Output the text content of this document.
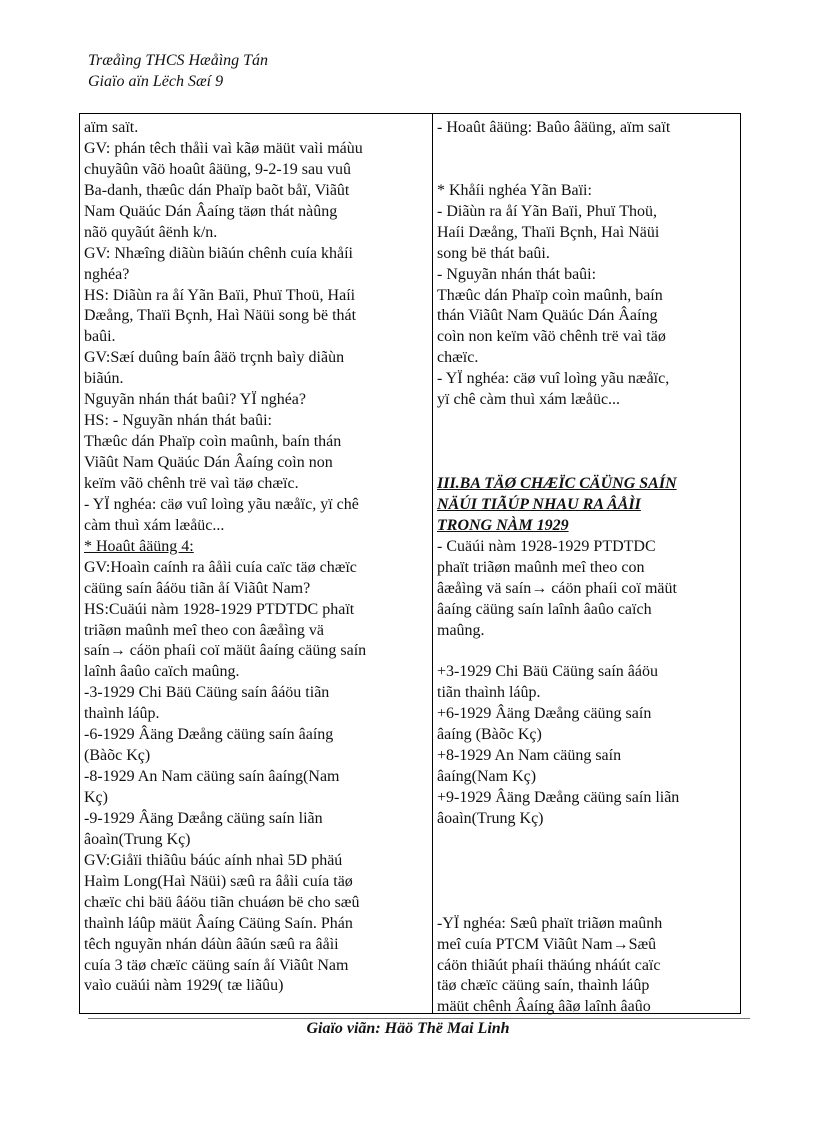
Træåìng THCS Hæåìng Tán
Giaïo aïn Lëch Sæí 9
aïm saït.
GV: phán têch thåìi vaì kãø mäüt vaìi máùu
chuyãûn vãö hoaût âäüng, 9-2-19 sau vuû
Ba-danh, thæûc dán Phaïp baõt båï, Viãût
Nam Quäúc Dán Âaíng täøn thát nàûng
nãö quyãút âënh k/n.
GV: Nhæîng diãùn biãún chênh cuía khåíi
nghéa?
HS: Diãùn ra åí Yãn Baïi, Phuï Thoü, Haíi
Dæång, Thaïi Bçnh, Haì Näüi song bë thát
baûi.
GV:Sæí duûng baín âäö trçnh baìy diãùn
biãún.
Nguyãn nhán thát baûi? YÏ nghéa?
HS: - Nguyãn nhán thát baûi:
Thæûc dán Phaïp coìn maûnh, baín thán
Viãût Nam Quäúc Dán Âaíng coìn non
keïm vãö chênh trë vaì täø chæïc.
- YÏ nghéa: cäø vuî loìng yãu næåïc, yï chê
càm thuì xám læåüc...
* Hoaût âäüng 4:
GV:Hoaìn caính ra âåìi cuía caïc täø chæïc
cäüng saín âáöu tiãn åí Viãût Nam?
HS:Cuäúi nàm 1928-1929 PTDTDC phaït
triãøn maûnh meî theo con âæåìng vä
saín→ cáön phaíi coï mäüt âaíng cäüng saín
laînh âaûo caïch maûng.
-3-1929 Chi Bäü Cäüng saín âáöu tiãn
thaình láûp.
-6-1929 Âäng Dæång cäüng saín âaíng
(Bàõc Kç)
-8-1929 An Nam cäüng saín âaíng(Nam
Kç)
-9-1929 Âäng Dæång cäüng saín liãn
âoaìn(Trung Kç)
GV:Giåïi thiãûu báúc aính nhaì 5D phäú
Haìm Long(Haì Näüi) sæû ra âåìi cuía täø
chæïc chi bäü âáöu tiãn chuáøn bë cho sæû
thaình láûp mäüt Âaíng Cäüng Saín. Phán
têch nguyãn nhán dáùn âãún sæû ra âåìi
cuía 3 täø chæïc cäüng saín åí Viãût Nam
vaìo cuäúi nàm 1929( tæ liãûu)
- Hoaût âäüng: Baûo âäüng, aïm saït
* Khåíi nghéa Yãn Baïi:
- Diãùn ra åí Yãn Baïi, Phuï Thoü,
Haíi Dæång, Thaïi Bçnh, Haì Näüi
song bë thát baûi.
- Nguyãn nhán thát baûi:
Thæûc dán Phaïp coìn maûnh, baín
thán Viãût Nam Quäúc Dán Âaíng
coìn non keïm vãö chênh trë vaì täø
chæïc.
- YÏ nghéa: cäø vuî loìng yãu næåïc,
yï chê càm thuì xám læåüc...
III.BA TÄØ CHÆÏC CÄÜNG SAÍN
NÄÚI TIÃÚP NHAU RA ÂÅÌI
TRONG NÀM 1929
- Cuäúi nàm 1928-1929 PTDTDC
phaït triãøn maûnh meî theo con
âæåìng vä saín→ cáön phaíi coï mäüt
âaíng cäüng saín laînh âaûo caïch
maûng.
+3-1929 Chi Bäü Cäüng saín âáöu
tiãn thaình láûp.
+6-1929 Âäng Dæång cäüng saín
âaíng (Bàõc Kç)
+8-1929 An Nam cäüng saín
âaíng(Nam Kç)
+9-1929 Âäng Dæång cäüng saín liãn
âoaìn(Trung Kç)
-YÏ nghéa: Sæû phaït triãøn maûnh
meî cuía PTCM Viãût Nam→Sæû
cáön thiãút phaíi thäúng nháút caïc
täø chæïc cäüng saín, thaình láûp
mäüt chênh Âaíng âãø laînh âaûo
Giaïo viãn: Häö Thë Mai Linh
